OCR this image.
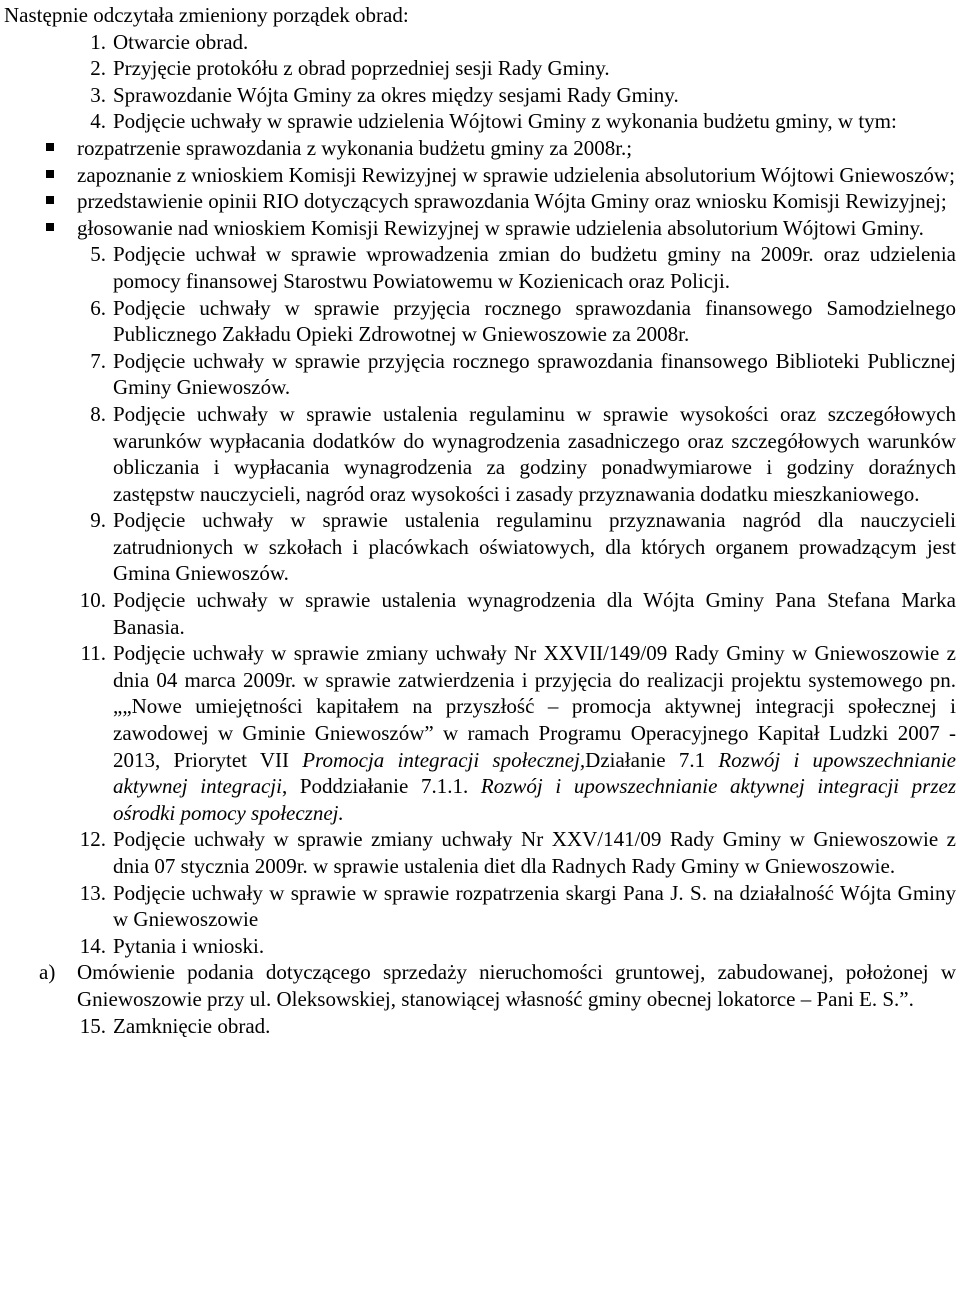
Następnie odczytała zmieniony porządek obrad:

1. Otwarcie obrad.

2. Przyjęcie protokółu z obrad poprzedniej sesji Rady Gminy.

3. Sprawozdanie Wójta Gminy za okres między sesjami Rady Gminy.

4. Podjęcie uchwały w sprawie udzielenia Wójtowi Gminy z wykonania budżetu gminy, w tym:

rozpatrzenie sprawozdania z wykonania budżetu gminy za 2008r.;
zapoznanie z wnioskiem Komisji Rewizyjnej w sprawie udzielenia absolutorium Wójtowi Gniewoszów;
przedstawienie opinii RIO dotyczących sprawozdania Wójta Gminy oraz wniosku Komisji Rewizyjnej;
głosowanie nad wnioskiem Komisji Rewizyjnej w sprawie udzielenia absolutorium Wójtowi Gminy.
5. Podjęcie uchwał w sprawie wprowadzenia zmian do budżetu gminy na 2009r. oraz udzielenia pomocy finansowej Starostwu Powiatowemu w Kozienicach oraz Policji.

6. Podjęcie uchwały w sprawie przyjęcia rocznego sprawozdania finansowego Samodzielnego Publicznego Zakładu Opieki Zdrowotnej w Gniewoszowie za 2008r.

7. Podjęcie uchwały w sprawie przyjęcia rocznego sprawozdania finansowego Biblioteki Publicznej Gminy Gniewoszów.

8. Podjęcie uchwały w sprawie ustalenia regulaminu w sprawie wysokości oraz szczegółowych warunków wypłacania dodatków do wynagrodzenia zasadniczego oraz szczegółowych warunków obliczania i wypłacania wynagrodzenia za godziny ponadwymiarowe i godziny doraźnych zastępstw nauczycieli, nagród oraz wysokości i zasady przyznawania dodatku mieszkaniowego.

9. Podjęcie uchwały w sprawie ustalenia regulaminu przyznawania nagród dla nauczycieli zatrudnionych w szkołach i placówkach oświatowych, dla których organem prowadzącym jest Gmina Gniewoszów.

10. Podjęcie uchwały w sprawie ustalenia wynagrodzenia dla Wójta Gminy Pana Stefana Marka Banasia.

11. Podjęcie uchwały w sprawie zmiany uchwały Nr XXVII/149/09 Rady Gminy w Gniewoszowie z dnia 04 marca 2009r. w sprawie zatwierdzenia i przyjęcia do realizacji projektu systemowego pn.„„Nowe umiejętności kapitałem na przyszłość – promocja aktywnej integracji społecznej i zawodowej w Gminie Gniewoszów” w ramach Programu Operacyjnego Kapitał Ludzki 2007 - 2013, Priorytet VII Promocja integracji społecznej,Działanie 7.1 Rozwój i upowszechnianie aktywnej integracji, Poddziałanie 7.1.1. Rozwój i upowszechnianie aktywnej integracji przez ośrodki pomocy społecznej.

12. Podjęcie uchwały w sprawie zmiany uchwały Nr XXV/141/09 Rady Gminy w Gniewoszowie z dnia 07 stycznia 2009r. w sprawie ustalenia diet dla Radnych Rady Gminy w Gniewoszowie.

13. Podjęcie uchwały w sprawie w sprawie rozpatrzenia skargi Pana J. S. na działalność Wójta Gminy w Gniewoszowie

14. Pytania i wnioski.

a) Omówienie podania dotyczącego sprzedaży nieruchomości gruntowej, zabudowanej, położonej w Gniewoszowie przy ul. Oleksowskiej, stanowiącej własność gminy obecnej lokatorce – Pani E. S.”.
15. Zamknięcie obrad.
